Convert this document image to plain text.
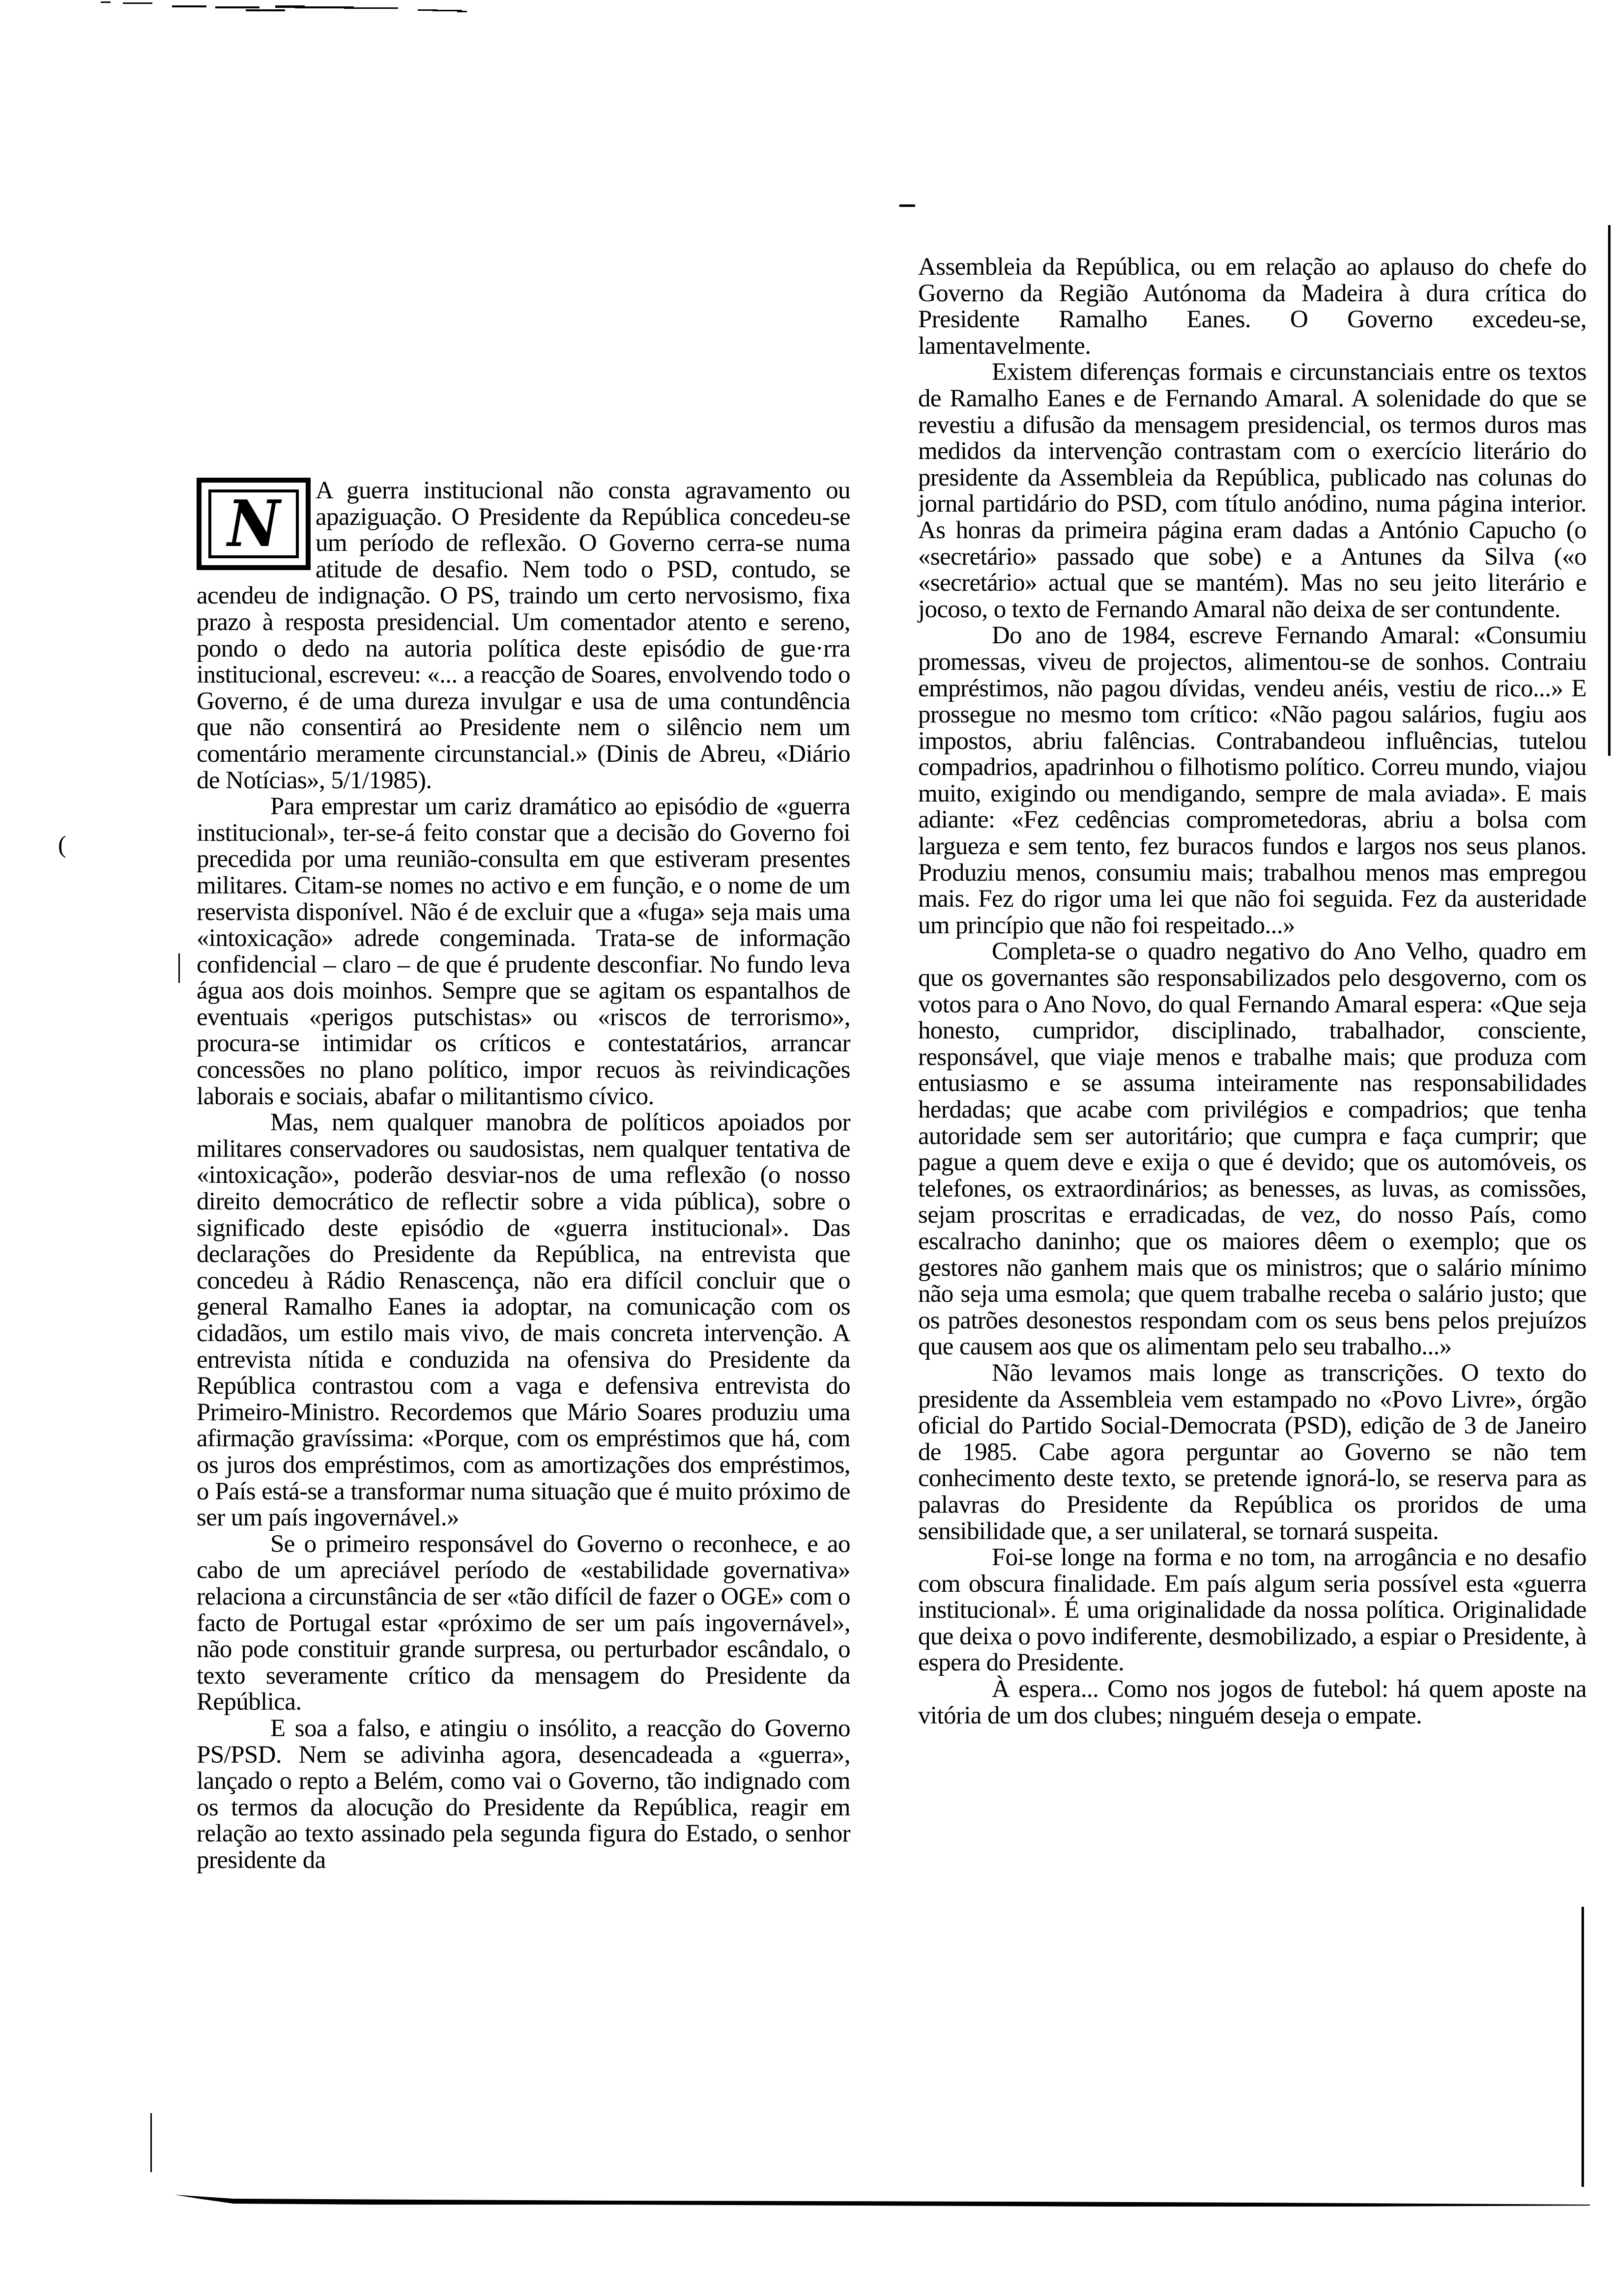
(
N	A guerra institucional não consta agravamento ou apaziguação. O Presidente da República concedeu-se um período de reflexão. O Governo cerra-se numa atitude de desafio. Nem todo o PSD, contudo, se acendeu de indignação. O PS, traindo um certo nervosismo, fixa prazo à resposta presidencial. Um comentador atento e sereno, pondo o dedo na autoria política deste episódio de gue·rra institucional, escreveu: «... a reacção de Soares, envolvendo todo o Governo, é de uma dureza invulgar e usa de uma contundência que não consentirá ao Presidente nem o silêncio nem um comentário meramente circunstancial.» (Dinis de Abreu, «Diário de Notícias», 5/1/1985).

Para emprestar um cariz dramático ao episódio de «guerra institucional», ter-se-á feito constar que a decisão do Governo foi precedida por uma reunião-consulta em que estiveram presentes militares. Citam-se nomes no activo e em função, e o nome de um reservista disponível. Não é de excluir que a «fuga» seja mais uma «intoxicação» adrede congeminada. Trata-se de informação confidencial – claro – de que é prudente desconfiar. No fundo leva água aos dois moinhos. Sempre que se agitam os espantalhos de eventuais «perigos putschistas» ou «riscos de terrorismo», procura-se intimidar os críticos e contestatários, arrancar concessões no plano político, impor recuos às reivindicações laborais e sociais, abafar o militantismo cívico.

Mas, nem qualquer manobra de políticos apoiados por militares conservadores ou saudosistas, nem qualquer tentativa de «intoxicação», poderão desviar-nos de uma reflexão (o nosso direito democrático de reflectir sobre a vida pública), sobre o significado deste episódio de «guerra institucional». Das declarações do Presidente da República, na entrevista que concedeu à Rádio Renascença, não era difícil concluir que o general Ramalho Eanes ia adoptar, na comunicação com os cidadãos, um estilo mais vivo, de mais concreta intervenção. A entrevista nítida e conduzida na ofensiva do Presidente da República contrastou com a vaga e defensiva entrevista do Primeiro-Ministro. Recordemos que Mário Soares produziu uma afirmação gravíssima: «Porque, com os empréstimos que há, com os juros dos empréstimos, com as amortizações dos empréstimos, o País está-se a transformar numa situação que é muito próximo de ser um país ingovernável.»

Se o primeiro responsável do Governo o reconhece, e ao cabo de um apreciável período de «estabilidade governativa» relaciona a circunstância de ser «tão difícil de fazer o OGE» com o facto de Portugal estar «próximo de ser um país ingovernável», não pode constituir grande surpresa, ou perturbador escândalo, o texto severamente crítico da mensagem do Presidente da República.

E soa a falso, e atingiu o insólito, a reacção do Governo PS/PSD. Nem se adivinha agora, desencadeada a «guerra», lançado o repto a Belém, como vai o Governo, tão indignado com os termos da alocução do Presidente da República, reagir em relação ao texto assinado pela segunda figura do Estado, o senhor presidente da

Assembleia da República, ou em relação ao aplauso do chefe do Governo da Região Autónoma da Madeira à dura crítica do Presidente Ramalho Eanes. O Governo excedeu-se, lamentavelmente.

Existem diferenças formais e circunstanciais entre os textos de Ramalho Eanes e de Fernando Amaral. A solenidade do que se revestiu a difusão da mensagem presidencial, os termos duros mas medidos da intervenção contrastam com o exercício literário do presidente da Assembleia da República, publicado nas colunas do jornal partidário do PSD, com título anódino, numa página interior. As honras da primeira página eram dadas a António Capucho (o «secretário» passado que sobe) e a Antunes da Silva («o «secretário» actual que se mantém). Mas no seu jeito literário e jocoso, o texto de Fernando Amaral não deixa de ser contundente.

Do ano de 1984, escreve Fernando Amaral: «Consumiu promessas, viveu de projectos, alimentou-se de sonhos. Contraiu empréstimos, não pagou dívidas, vendeu anéis, vestiu de rico...» E prossegue no mesmo tom crítico: «Não pagou salários, fugiu aos impostos, abriu falências. Contrabandeou influências, tutelou compadrios, apadrinhou o filhotismo político. Correu mundo, viajou muito, exigindo ou mendigando, sempre de mala aviada». E mais adiante: «Fez cedências comprometedoras, abriu a bolsa com largueza e sem tento, fez buracos fundos e largos nos seus planos. Produziu menos, consumiu mais; trabalhou menos mas empregou mais. Fez do rigor uma lei que não foi seguida. Fez da austeridade um princípio que não foi respeitado...»

Completa-se o quadro negativo do Ano Velho, quadro em que os governantes são responsabilizados pelo desgoverno, com os votos para o Ano Novo, do qual Fernando Amaral espera: «Que seja honesto, cumpridor, disciplinado, trabalhador, consciente, responsável, que viaje menos e trabalhe mais; que produza com entusiasmo e se assuma inteiramente nas responsabilidades herdadas; que acabe com privilégios e compadrios; que tenha autoridade sem ser autoritário; que cumpra e faça cumprir; que pague a quem deve e exija o que é devido; que os automóveis, os telefones, os extraordinários; as benesses, as luvas, as comissões, sejam proscritas e erradicadas, de vez, do nosso País, como escalracho daninho; que os maiores dêem o exemplo; que os gestores não ganhem mais que os ministros; que o salário mínimo não seja uma esmola; que quem trabalhe receba o salário justo; que os patrões desonestos respondam com os seus bens pelos prejuízos que causem aos que os alimentam pelo seu trabalho...»

Não levamos mais longe as transcrições. O texto do presidente da Assembleia vem estampado no «Povo Livre», órgão oficial do Partido Social-Democrata (PSD), edição de 3 de Janeiro de 1985. Cabe agora perguntar ao Governo se não tem conhecimento deste texto, se pretende ignorá-lo, se reserva para as palavras do Presidente da República os proridos de uma sensibilidade que, a ser unilateral, se tornará suspeita.

Foi-se longe na forma e no tom, na arrogância e no desafio com obscura finalidade. Em país algum seria possível esta «guerra institucional». É uma originalidade da nossa política. Originalidade que deixa o povo indiferente, desmobilizado, a espiar o Presidente, à espera do Presidente.

À espera... Como nos jogos de futebol: há quem aposte na vitória de um dos clubes; ninguém deseja o empate.
